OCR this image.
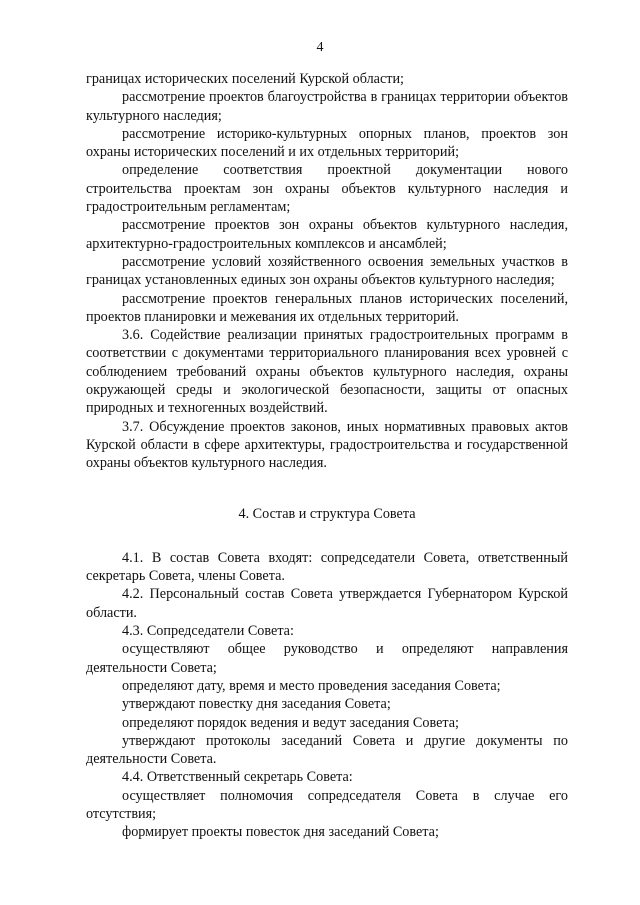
4

границах исторических поселений Курской области;

рассмотрение проектов благоустройства в границах территории объектов культурного наследия;

рассмотрение историко-культурных опорных планов, проектов зон охраны исторических поселений и их отдельных территорий;

определение соответствия проектной документации нового строительства проектам зон охраны объектов культурного наследия и градостроительным регламентам;

рассмотрение проектов зон охраны объектов культурного наследия, архитектурно-градостроительных комплексов и ансамблей;

рассмотрение условий хозяйственного освоения земельных участков в границах установленных единых зон охраны объектов культурного наследия;

рассмотрение проектов генеральных планов исторических поселений, проектов планировки и межевания их отдельных территорий.

3.6. Содействие реализации принятых градостроительных программ в соответствии с документами территориального планирования всех уровней с соблюдением требований охраны объектов культурного наследия, охраны окружающей среды и экологической безопасности, защиты от опасных природных и техногенных воздействий.

3.7. Обсуждение проектов законов, иных нормативных правовых актов Курской области в сфере архитектуры, градостроительства и государственной охраны объектов культурного наследия.

4. Состав и структура Совета

4.1. В состав Совета входят: сопредседатели Совета, ответственный секретарь Совета, члены Совета.

4.2. Персональный состав Совета утверждается Губернатором Курской области.

4.3. Сопредседатели Совета:

осуществляют общее руководство и определяют направления деятельности Совета;

определяют дату, время и место проведения заседания Совета;

утверждают повестку дня заседания Совета;

определяют порядок ведения и ведут заседания Совета;

утверждают протоколы заседаний Совета и другие документы по деятельности Совета.

4.4. Ответственный секретарь Совета:

осуществляет полномочия сопредседателя Совета в случае его отсутствия;

формирует проекты повесток дня заседаний Совета;
